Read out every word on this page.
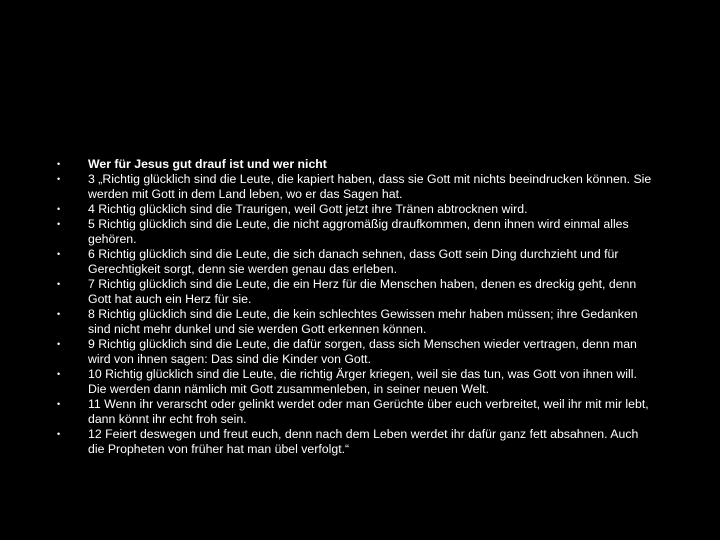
•	Wer für Jesus gut drauf ist und wer nicht
•	3 „Richtig glücklich sind die Leute, die kapiert haben, dass sie Gott mit nichts beeindrucken können. Sie werden mit Gott in dem Land leben, wo er das Sagen hat.
•	4 Richtig glücklich sind die Traurigen, weil Gott jetzt ihre Tränen abtrocknen wird.
•	5 Richtig glücklich sind die Leute, die nicht aggromäßig draufkommen, denn ihnen wird einmal alles gehören.
•	6 Richtig glücklich sind die Leute, die sich danach sehnen, dass Gott sein Ding durchzieht und für Gerechtigkeit sorgt, denn sie werden genau das erleben.
•	7 Richtig glücklich sind die Leute, die ein Herz für die Menschen haben, denen es dreckig geht, denn Gott hat auch ein Herz für sie.
•	8 Richtig glücklich sind die Leute, die kein schlechtes Gewissen mehr haben müssen; ihre Gedanken sind nicht mehr dunkel und sie werden Gott erkennen können.
•	9 Richtig glücklich sind die Leute, die dafür sorgen, dass sich Menschen wieder vertragen, denn man wird von ihnen sagen: Das sind die Kinder von Gott.
•	10 Richtig glücklich sind die Leute, die richtig Ärger kriegen, weil sie das tun, was Gott von ihnen will. Die werden dann nämlich mit Gott zusammenleben, in seiner neuen Welt.
•	11 Wenn ihr verarscht oder gelinkt werdet oder man Gerüchte über euch verbreitet, weil ihr mit mir lebt, dann könnt ihr echt froh sein.
•	12 Feiert deswegen und freut euch, denn nach dem Leben werdet ihr dafür ganz fett absahnen. Auch die Propheten von früher hat man übel verfolgt.“
